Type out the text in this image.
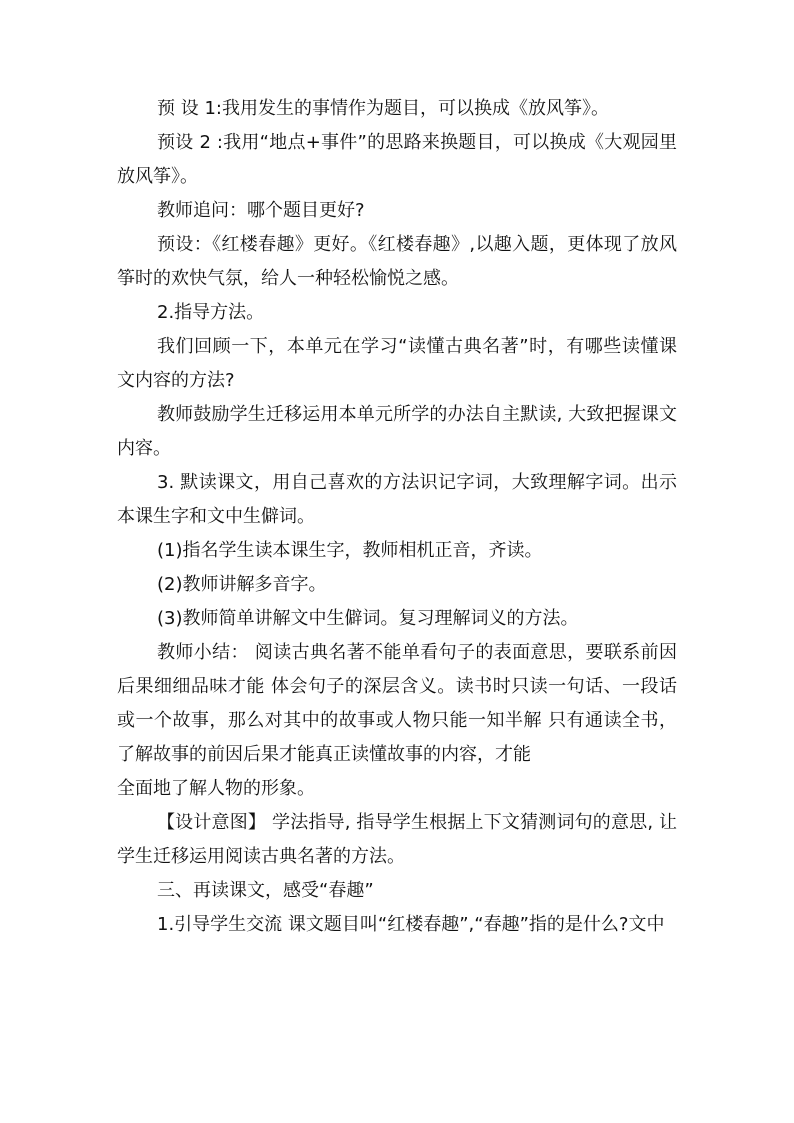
预 设 1:我用发生的事情作为题目，可以换成《放风筝》。

预设 2 :我用“地点+事件”的思路来换题目，可以换成《大观园里放风筝》。

教师追问：哪个题目更好?

预设：《红楼春趣》更好。《红楼春趣》,以趣入题，更体现了放风筝时的欢快气氛，给人一种轻松愉悦之感。

2.指导方法。

我们回顾一下，本单元在学习“读懂古典名著”时，有哪些读懂课文内容的方法?

教师鼓励学生迁移运用本单元所学的办法自主默读, 大致把握课文内容。

3. 默读课文，用自己喜欢的方法识记字词，大致理解字词。出示本课生字和文中生僻词。

(1)指名学生读本课生字，教师相机正音，齐读。

(2)教师讲解多音字。

(3)教师简单讲解文中生僻词。复习理解词义的方法。

教师小结： 阅读古典名著不能单看句子的表面意思，要联系前因后果细细品味才能 体会句子的深层含义。读书时只读一句话、一段话或一个故事，那么对其中的故事或人物只能一知半解 只有通读全书，了解故事的前因后果才能真正读懂故事的内容，才能

全面地了解人物的形象。

【设计意图】 学法指导, 指导学生根据上下文猜测词句的意思, 让学生迁移运用阅读古典名著的方法。

三、再读课文，感受“春趣”

1.引导学生交流 课文题目叫“红楼春趣”,“春趣”指的是什么?文中
